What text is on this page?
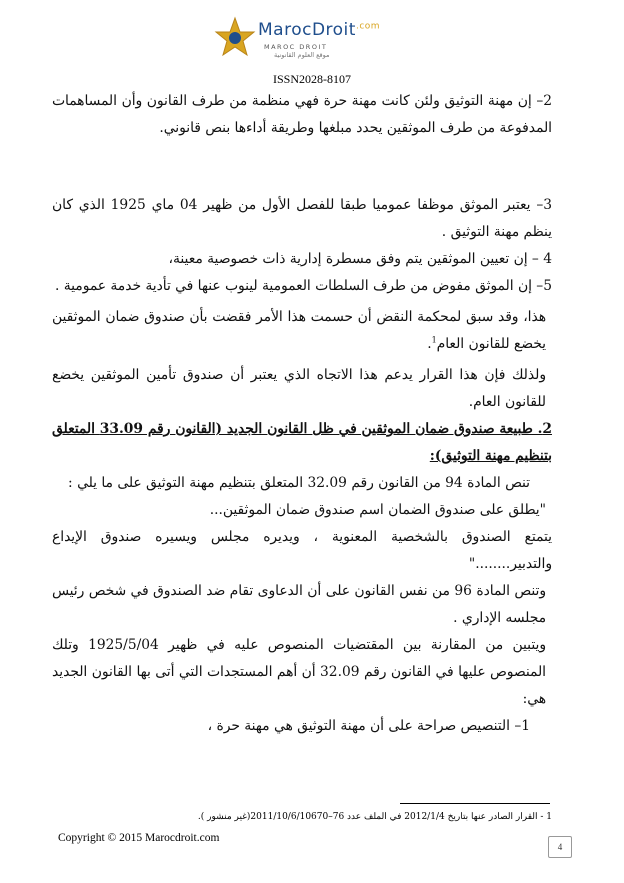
MarocDroit$^{.com}$
MAROC DROIT
موقع العلوم القانونية
ISSN2028-8107

2– إن مهنة التوثيق ولئن كانت مهنة حرة فهي منظمة من طرف القانون وأن المساهمات المدفوعة من طرف الموثقين يحدد مبلغها وطريقة أداءها بنص قانوني.

3– يعتبر الموثق موظفا عموميا طبقا للفصل الأول من ظهير 04 ماي 1925 الذي كان ينظم مهنة التوثيق .

4 – إن تعيين الموثقين يتم وفق مسطرة إدارية ذات خصوصية معينة،

5– إن الموثق مفوض من طرف السلطات العمومية لينوب عنها في تأدية خدمة عمومية .

هذا، وقد سبق لمحكمة النقض أن حسمت هذا الأمر فقضت بأن صندوق ضمان الموثقين يخضع للقانون العام$^1$.

ولذلك فإن هذا القرار يدعم هذا الاتجاه الذي يعتبر أن صندوق تأمين الموثقين يخضع للقانون العام.

2. طبيعة صندوق ضمان الموثقين في ظل القانون الجديد (القانون رقم 33.09 المتعلق بتنظيم مهنة التوثيق):

تنص المادة 94 من القانون رقم 32.09 المتعلق بتنظيم مهنة التوثيق على ما يلي :

"يطلق على صندوق الضمان اسم صندوق ضمان الموثقين...

يتمتع الصندوق بالشخصية المعنوية ، ويديره مجلس ويسيره صندوق الإيداع والتدبير........"

وتنص المادة 96 من نفس القانون على أن الدعاوى تقام ضد الصندوق في شخص رئيس مجلسه الإداري .

ويتبين من المقارنة بين المقتضيات المنصوص عليه في ظهير 1925/5/04 وتلك المنصوص عليها في القانون رقم 32.09 أن أهم المستجدات التي أتى بها القانون الجديد هي:

1– التنصيص صراحة على أن مهنة التوثيق هي مهنة حرة ،

1 - القرار الصادر عنها بتاريخ 2012/1/4 في الملف عدد 76–2011/10/6/10670(غير منشور ).
Copyright © 2015 Marocdroit.com
4
